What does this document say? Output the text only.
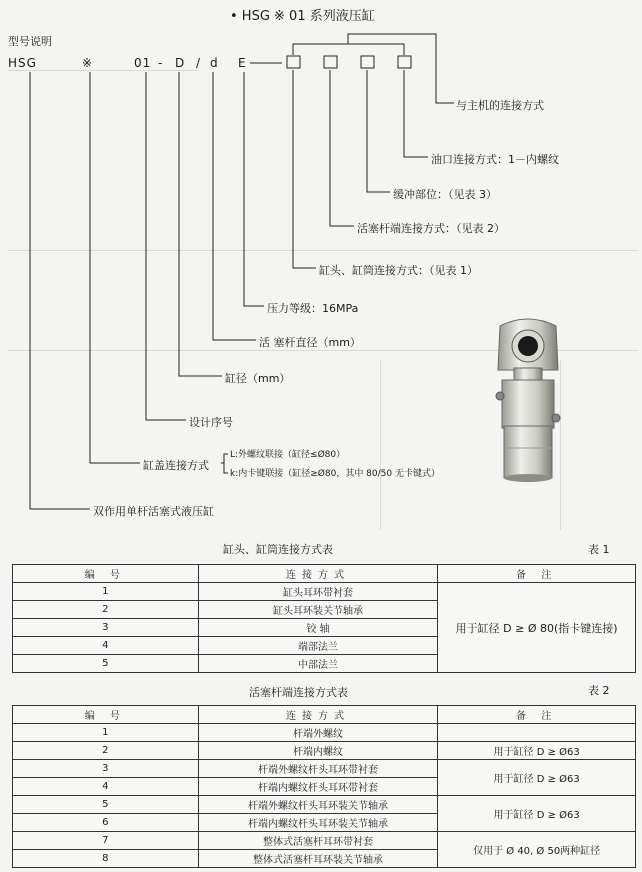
• HSG ※ 01 系列液压缸
型号说明
HSG	※	01 - D / d E
与主机的连接方式
油口连接方式：1－内螺纹
缓冲部位：（见表 3）
活塞杆端连接方式：（见表 2）
缸头、缸筒连接方式：（见表 1）
压力等级：16MPa
活 塞杆直径（mm）
缸径（mm）
设计序号
缸盖连接方式
L:外螺纹联接（缸径≤Ø80）
k:内卡键联接（缸径≥Ø80，其中 80/50 无卡键式）
双作用单杆活塞式液压缸
缸头、缸筒连接方式表	表 1
编 号	连接方式	备 注
1	缸头耳环带衬套	用于缸径 D ≥ Ø 80(指卡键连接)
2	缸头耳环装关节轴承	
3	铰 轴	
4	端部法兰	
5	中部法兰	
活塞杆端连接方式表	表 2
编 号	连接方式	备 注
1	杆端外螺纹	
2	杆端内螺纹	用于缸径 D ≥ Ø63
3	杆端外螺纹杆头耳环带衬套	用于缸径 D ≥ Ø63
4	杆端内螺纹杆头耳环带衬套	
5	杆端外螺纹杆头耳环装关节轴承	用于缸径 D ≥ Ø63
6	杆端内螺纹杆头耳环装关节轴承	
7	整体式活塞杆耳环带衬套	仅用于 Ø 40, Ø 50两种缸径
8	整体式活塞杆耳环装关节轴承	
